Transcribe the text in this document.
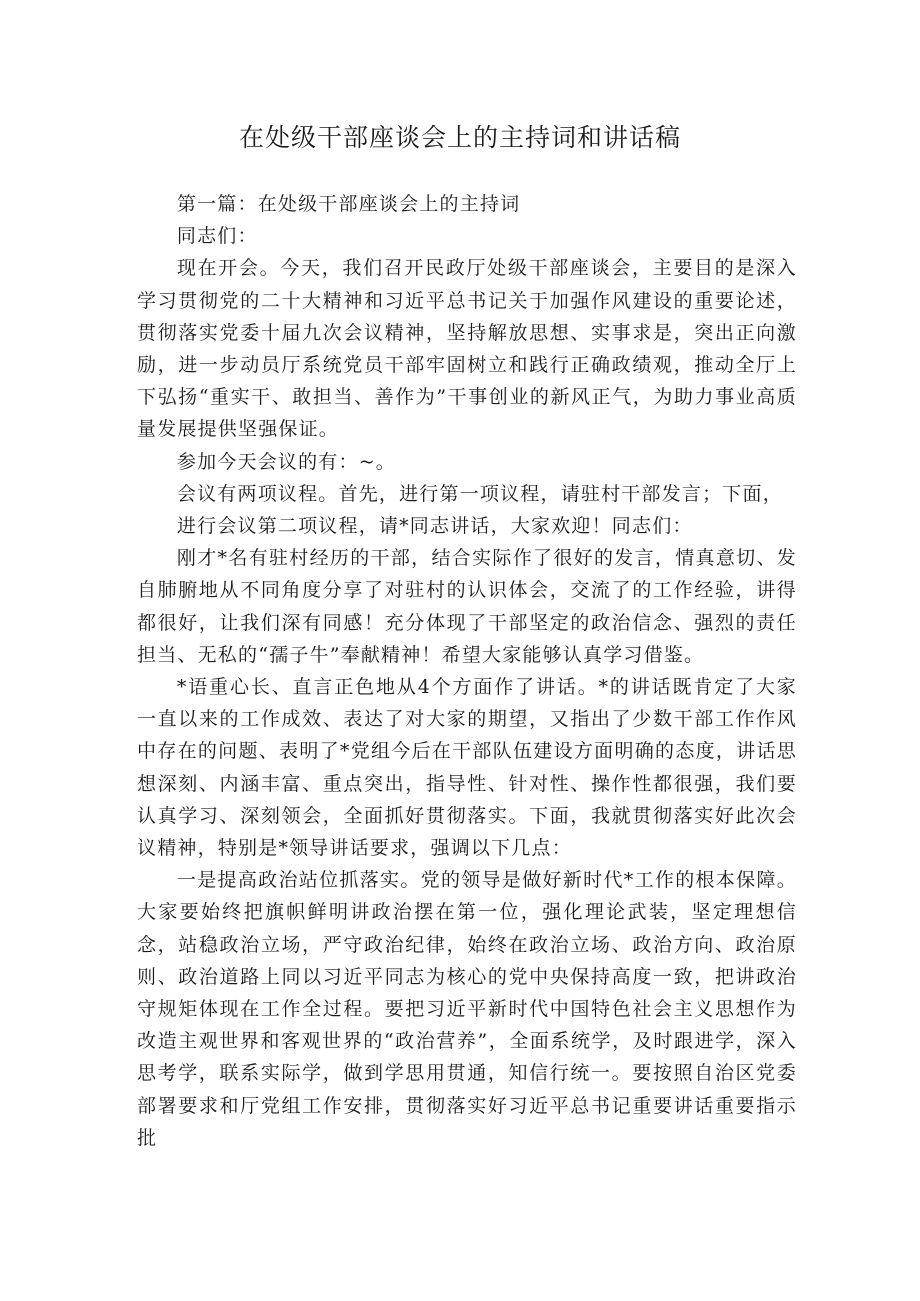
在处级干部座谈会上的主持词和讲话稿

第一篇：在处级干部座谈会上的主持词

同志们：

现在开会。今天，我们召开民政厅处级干部座谈会，主要目的是深入学习贯彻党的二十大精神和习近平总书记关于加强作风建设的重要论述，贯彻落实党委十届九次会议精神，坚持解放思想、实事求是，突出正向激励，进一步动员厅系统党员干部牢固树立和践行正确政绩观，推动全厅上下弘扬“重实干、敢担当、善作为”干事创业的新风正气，为助力事业高质量发展提供坚强保证。

参加今天会议的有：~。

会议有两项议程。首先，进行第一项议程，请驻村干部发言；下面，

进行会议第二项议程，请*同志讲话，大家欢迎！同志们：

刚才*名有驻村经历的干部，结合实际作了很好的发言，情真意切、发自肺腑地从不同角度分享了对驻村的认识体会，交流了的工作经验，讲得都很好，让我们深有同感！充分体现了干部坚定的政治信念、强烈的责任担当、无私的“孺子牛”奉献精神！希望大家能够认真学习借鉴。

*语重心长、直言正色地从4个方面作了讲话。*的讲话既肯定了大家一直以来的工作成效、表达了对大家的期望，又指出了少数干部工作作风中存在的问题、表明了*党组今后在干部队伍建设方面明确的态度，讲话思想深刻、内涵丰富、重点突出，指导性、针对性、操作性都很强，我们要认真学习、深刻领会，全面抓好贯彻落实。下面，我就贯彻落实好此次会议精神，特别是*领导讲话要求，强调以下几点：

一是提高政治站位抓落实。党的领导是做好新时代*工作的根本保障。大家要始终把旗帜鲜明讲政治摆在第一位，强化理论武装，坚定理想信念，站稳政治立场，严守政治纪律，始终在政治立场、政治方向、政治原则、政治道路上同以习近平同志为核心的党中央保持高度一致，把讲政治守规矩体现在工作全过程。要把习近平新时代中国特色社会主义思想作为改造主观世界和客观世界的“政治营养”，全面系统学，及时跟进学，深入思考学，联系实际学，做到学思用贯通，知信行统一。要按照自治区党委部署要求和厅党组工作安排，贯彻落实好习近平总书记重要讲话重要指示批
